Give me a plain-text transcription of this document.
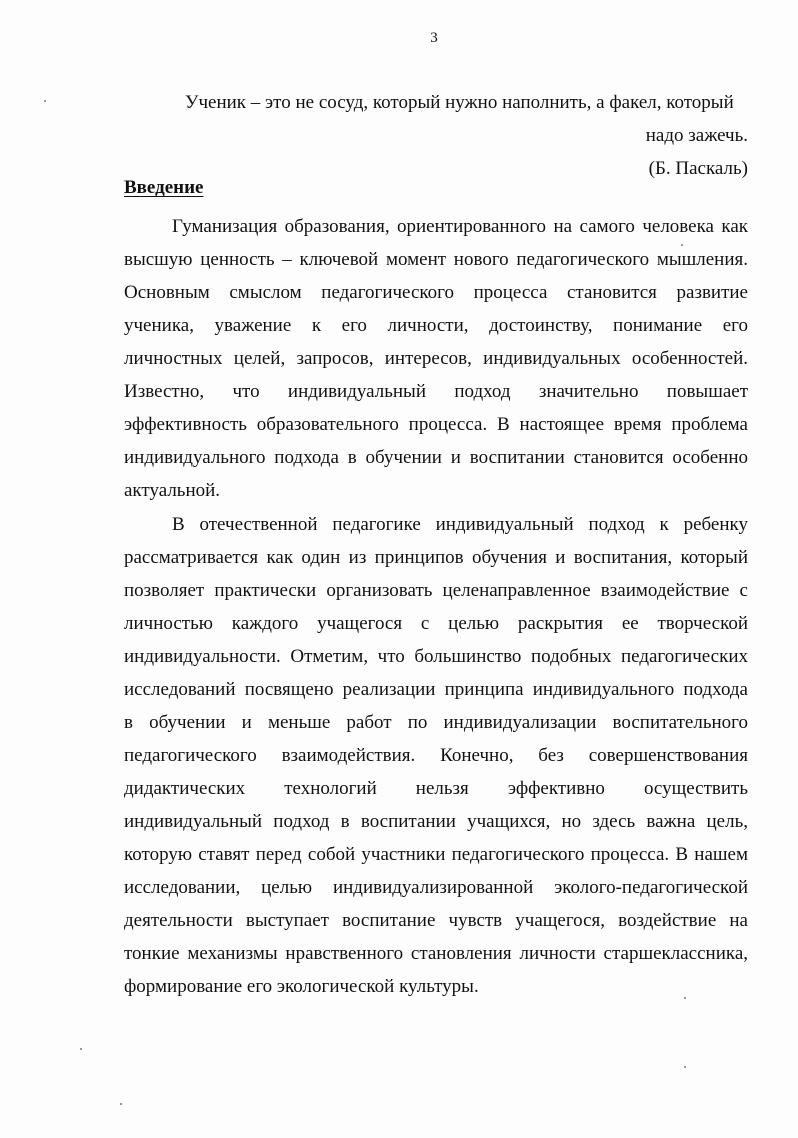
3
Ученик – это не сосуд, который нужно наполнить, а факел, который
надо зажечь.
(Б. Паскаль)
Введение
Гуманизация образования, ориентированного на самого человека как
высшую ценность – ключевой момент нового педагогического мышления.
Основным смыслом педагогического процесса становится развитие
ученика, уважение к его личности, достоинству, понимание его
личностных целей, запросов, интересов, индивидуальных особенностей.
Известно, что индивидуальный подход значительно повышает
эффективность образовательного процесса. В настоящее время проблема
индивидуального подхода в обучении и воспитании становится особенно
актуальной.
В отечественной педагогике индивидуальный подход к ребенку
рассматривается как один из принципов обучения и воспитания, который
позволяет практически организовать целенаправленное взаимодействие с
личностью каждого учащегося с целью раскрытия ее творческой
индивидуальности. Отметим, что большинство подобных педагогических
исследований посвящено реализации принципа индивидуального подхода
в обучении и меньше работ по индивидуализации воспитательного
педагогического взаимодействия. Конечно, без совершенствования
дидактических технологий нельзя эффективно осуществить
индивидуальный подход в воспитании учащихся, но здесь важна цель,
которую ставят перед собой участники педагогического процесса. В нашем
исследовании, целью индивидуализированной эколого-педагогической
деятельности выступает воспитание чувств учащегося, воздействие на
тонкие механизмы нравственного становления личности старшеклассника,
формирование его экологической культуры.
